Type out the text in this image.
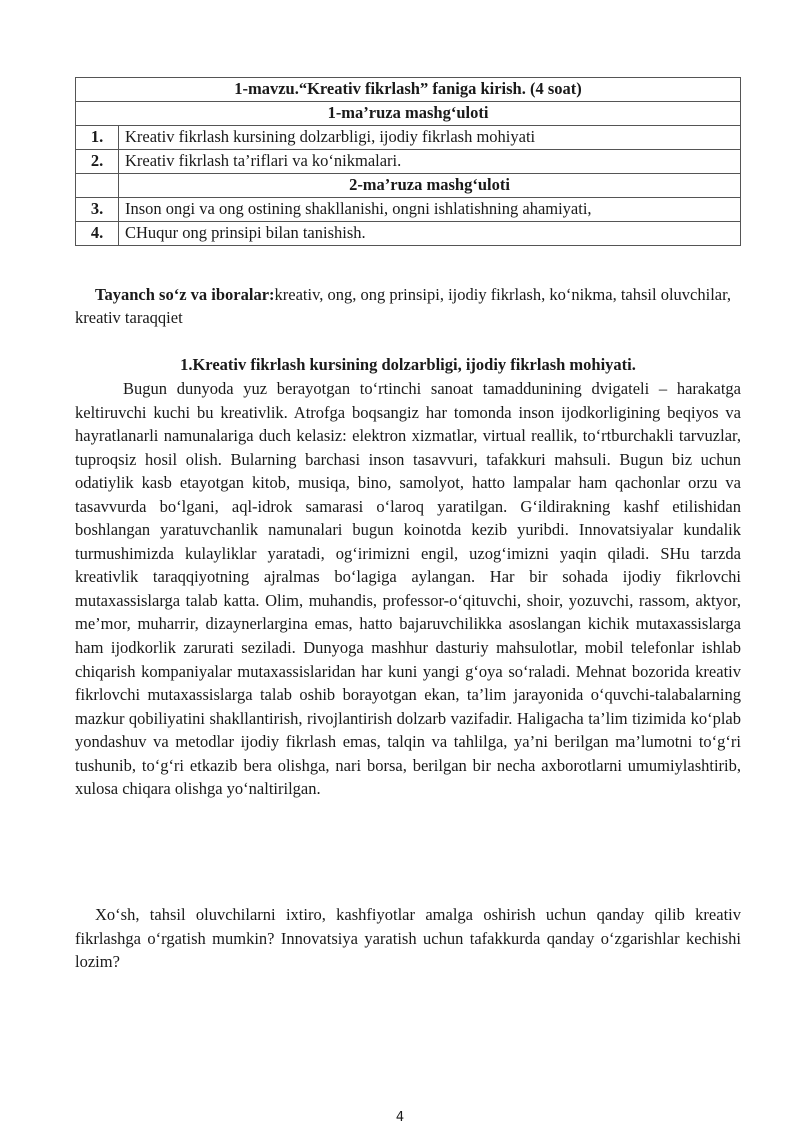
1-mavzu.“Kreativ fikrlash” faniga kirish. (4 soat)	
1-ma’ruza mashg‘uloti	
1.	Kreativ fikrlash kursining dolzarbligi, ijodiy fikrlash mohiyati
2.	Kreativ fikrlash ta’riflari va ko‘nikmalari.
	2-ma’ruza mashg‘uloti
3.	Inson ongi va ong ostining shakllanishi, ongni ishlatishning ahamiyati,
4.	CHuqur ong prinsipi bilan tanishish.
Tayanch so‘z va iboralar:kreativ, ong, ong prinsipi, ijodiy fikrlash, ko‘nikma, tahsil oluvchilar, kreativ taraqqiet
1.Kreativ fikrlash kursining dolzarbligi, ijodiy fikrlash mohiyati.

Bugun dunyoda yuz berayotgan to‘rtinchi sanoat tamaddunining dvigateli – harakatga keltiruvchi kuchi bu kreativlik. Atrofga boqsangiz har tomonda inson ijodkorligining beqiyos va hayratlanarli namunalariga duch kelasiz: elektron xizmatlar, virtual reallik, to‘rtburchakli tarvuzlar, tuproqsiz hosil olish. Bularning barchasi inson tasavvuri, tafakkuri mahsuli. Bugun biz uchun odatiylik kasb etayotgan kitob, musiqa, bino, samolyot, hatto lampalar ham qachonlar orzu va tasavvurda bo‘lgani, aql-idrok samarasi o‘laroq yaratilgan. G‘ildirakning kashf etilishidan boshlangan yaratuvchanlik namunalari bugun koinotda kezib yuribdi. Innovatsiyalar kundalik turmushimizda kulayliklar yaratadi, og‘irimizni engil, uzog‘imizni yaqin qiladi. SHu tarzda kreativlik taraqqiyotning ajralmas bo‘lagiga aylangan. Har bir sohada ijodiy fikrlovchi mutaxassislarga talab katta. Olim, muhandis, professor-o‘qituvchi, shoir, yozuvchi, rassom, aktyor, me’mor, muharrir, dizaynerlargina emas, hatto bajaruvchilikka asoslangan kichik mutaxassislarga ham ijodkorlik zarurati seziladi. Dunyoga mashhur dasturiy mahsulotlar, mobil telefonlar ishlab chiqarish kompaniyalar mutaxassislaridan har kuni yangi g‘oya so‘raladi. Mehnat bozorida kreativ fikrlovchi mutaxassislarga talab oshib borayotgan ekan, ta’lim jarayonida o‘quvchi-talabalarning mazkur qobiliyatini shakllantirish, rivojlantirish dolzarb vazifadir. Haligacha ta’lim tizimida ko‘plab yondashuv va metodlar ijodiy fikrlash emas, talqin va tahlilga, ya’ni berilgan ma’lumotni to‘g‘ri tushunib, to‘g‘ri etkazib bera olishga, nari borsa, berilgan bir necha axborotlarni umumiylashtirib, xulosa chiqara olishga yo‘naltirilgan.

Xo‘sh, tahsil oluvchilarni ixtiro, kashfiyotlar amalga oshirish uchun qanday qilib kreativ fikrlashga o‘rgatish mumkin? Innovatsiya yaratish uchun tafakkurda qanday o‘zgarishlar kechishi lozim?

4
